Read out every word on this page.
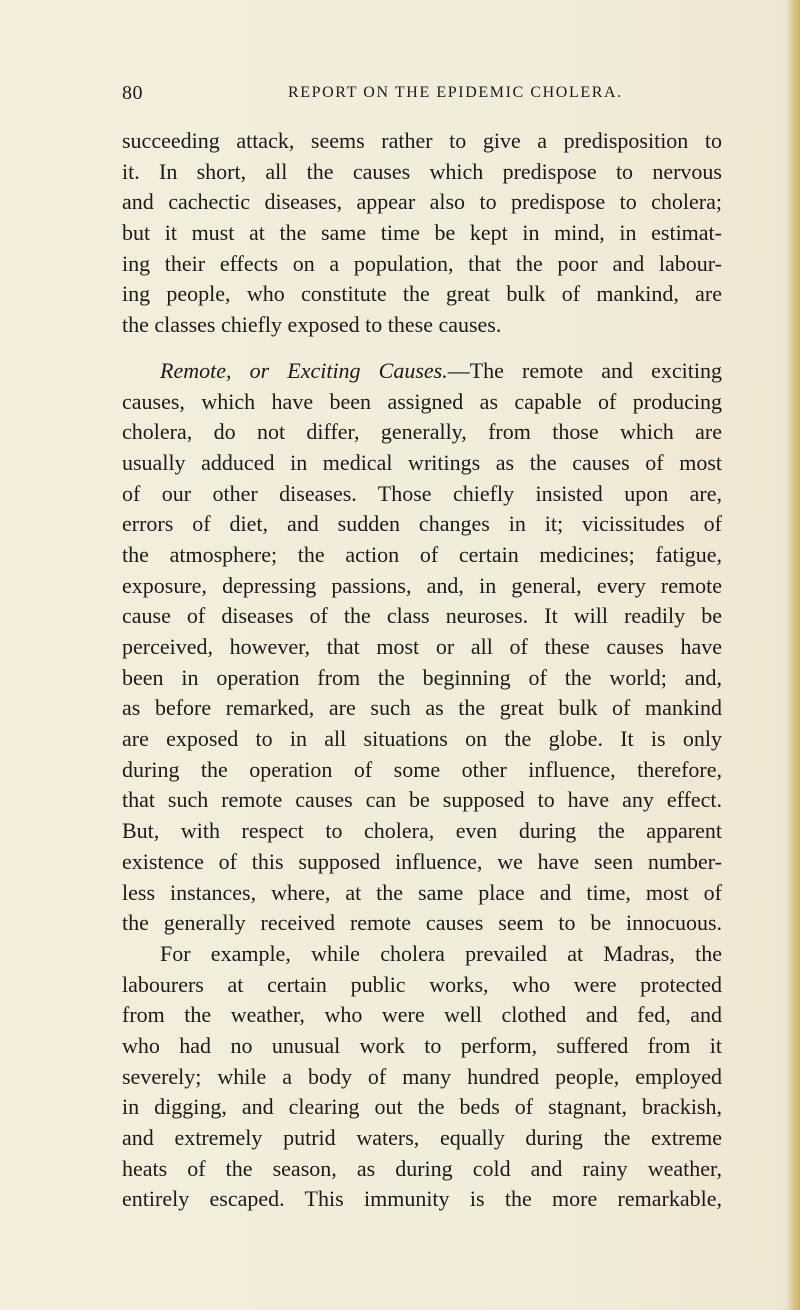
80	REPORT ON THE EPIDEMIC CHOLERA.
succeeding attack, seems rather to give a predisposition to
it. In short, all the causes which predispose to nervous
and cachectic diseases, appear also to predispose to cholera;
but it must at the same time be kept in mind, in estimat-
ing their effects on a population, that the poor and labour-
ing people, who constitute the great bulk of mankind, are
the classes chiefly exposed to these causes.
Remote, or Exciting Causes.—The remote and exciting
causes, which have been assigned as capable of producing
cholera, do not differ, generally, from those which are
usually adduced in medical writings as the causes of most
of our other diseases. Those chiefly insisted upon are,
errors of diet, and sudden changes in it; vicissitudes of
the atmosphere; the action of certain medicines; fatigue,
exposure, depressing passions, and, in general, every remote
cause of diseases of the class neuroses. It will readily be
perceived, however, that most or all of these causes have
been in operation from the beginning of the world; and,
as before remarked, are such as the great bulk of mankind
are exposed to in all situations on the globe. It is only
during the operation of some other influence, therefore,
that such remote causes can be supposed to have any effect.
But, with respect to cholera, even during the apparent
existence of this supposed influence, we have seen number-
less instances, where, at the same place and time, most of
the generally received remote causes seem to be innocuous.
For example, while cholera prevailed at Madras, the
labourers at certain public works, who were protected
from the weather, who were well clothed and fed, and
who had no unusual work to perform, suffered from it
severely; while a body of many hundred people, employed
in digging, and clearing out the beds of stagnant, brackish,
and extremely putrid waters, equally during the extreme
heats of the season, as during cold and rainy weather,
entirely escaped. This immunity is the more remarkable,
